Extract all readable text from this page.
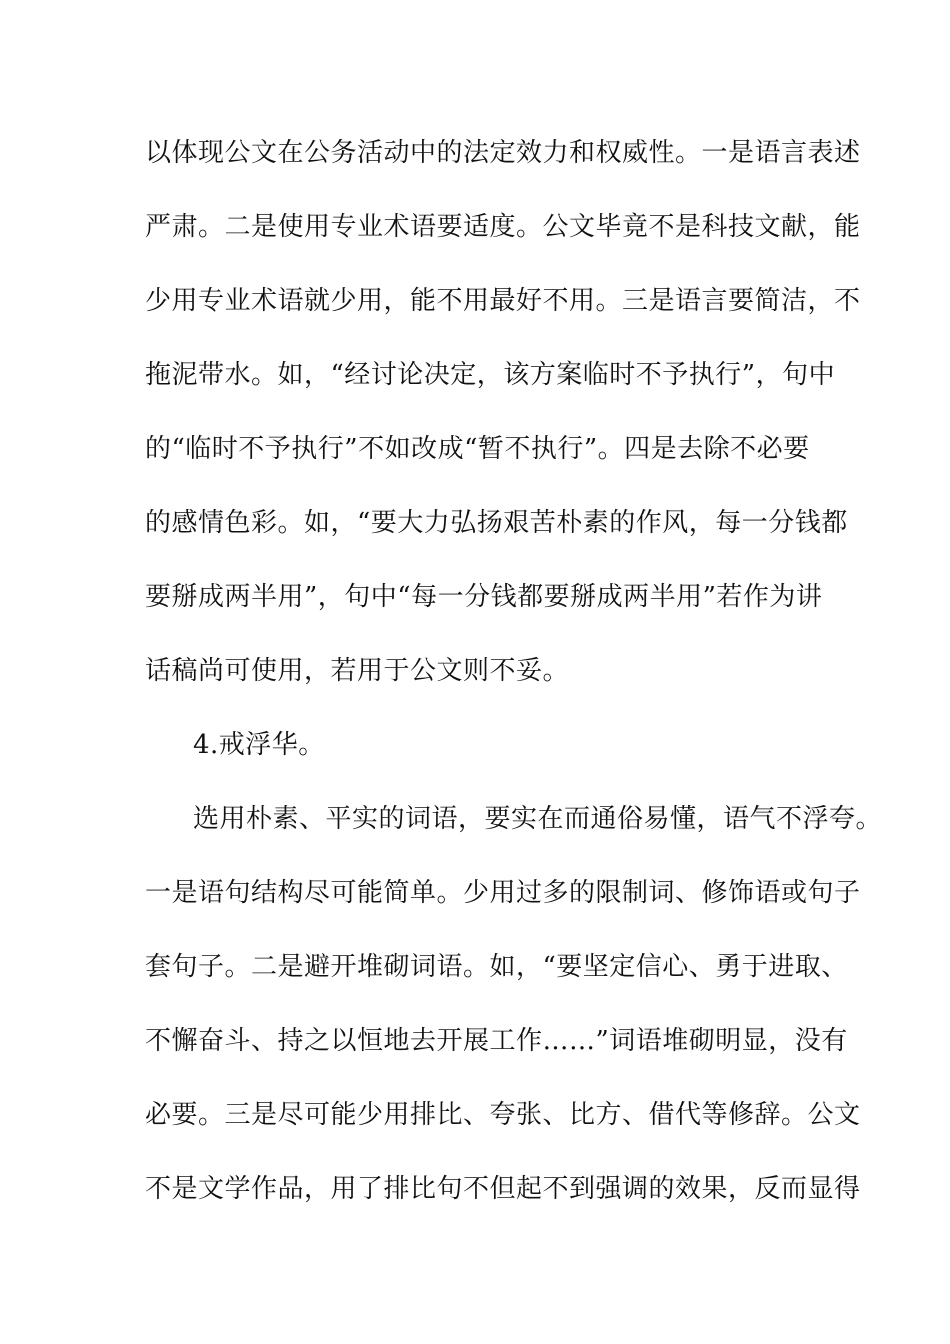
以体现公文在公务活动中的法定效力和权威性。一是语言表述
严肃。二是使用专业术语要适度。公文毕竟不是科技文献，能
少用专业术语就少用，能不用最好不用。三是语言要简洁，不
拖泥带水。如，“经讨论决定，该方案临时不予执行”，句中
的“临时不予执行”不如改成“暂不执行”。四是去除不必要
的感情色彩。如，“要大力弘扬艰苦朴素的作风，每一分钱都
要掰成两半用”，句中“每一分钱都要掰成两半用”若作为讲
话稿尚可使用，若用于公文则不妥。
4.戒浮华。
选用朴素、平实的词语，要实在而通俗易懂，语气不浮夸。
一是语句结构尽可能简单。少用过多的限制词、修饰语或句子
套句子。二是避开堆砌词语。如，“要坚定信心、勇于进取、
不懈奋斗、持之以恒地去开展工作……”词语堆砌明显，没有
必要。三是尽可能少用排比、夸张、比方、借代等修辞。公文
不是文学作品，用了排比句不但起不到强调的效果，反而显得
